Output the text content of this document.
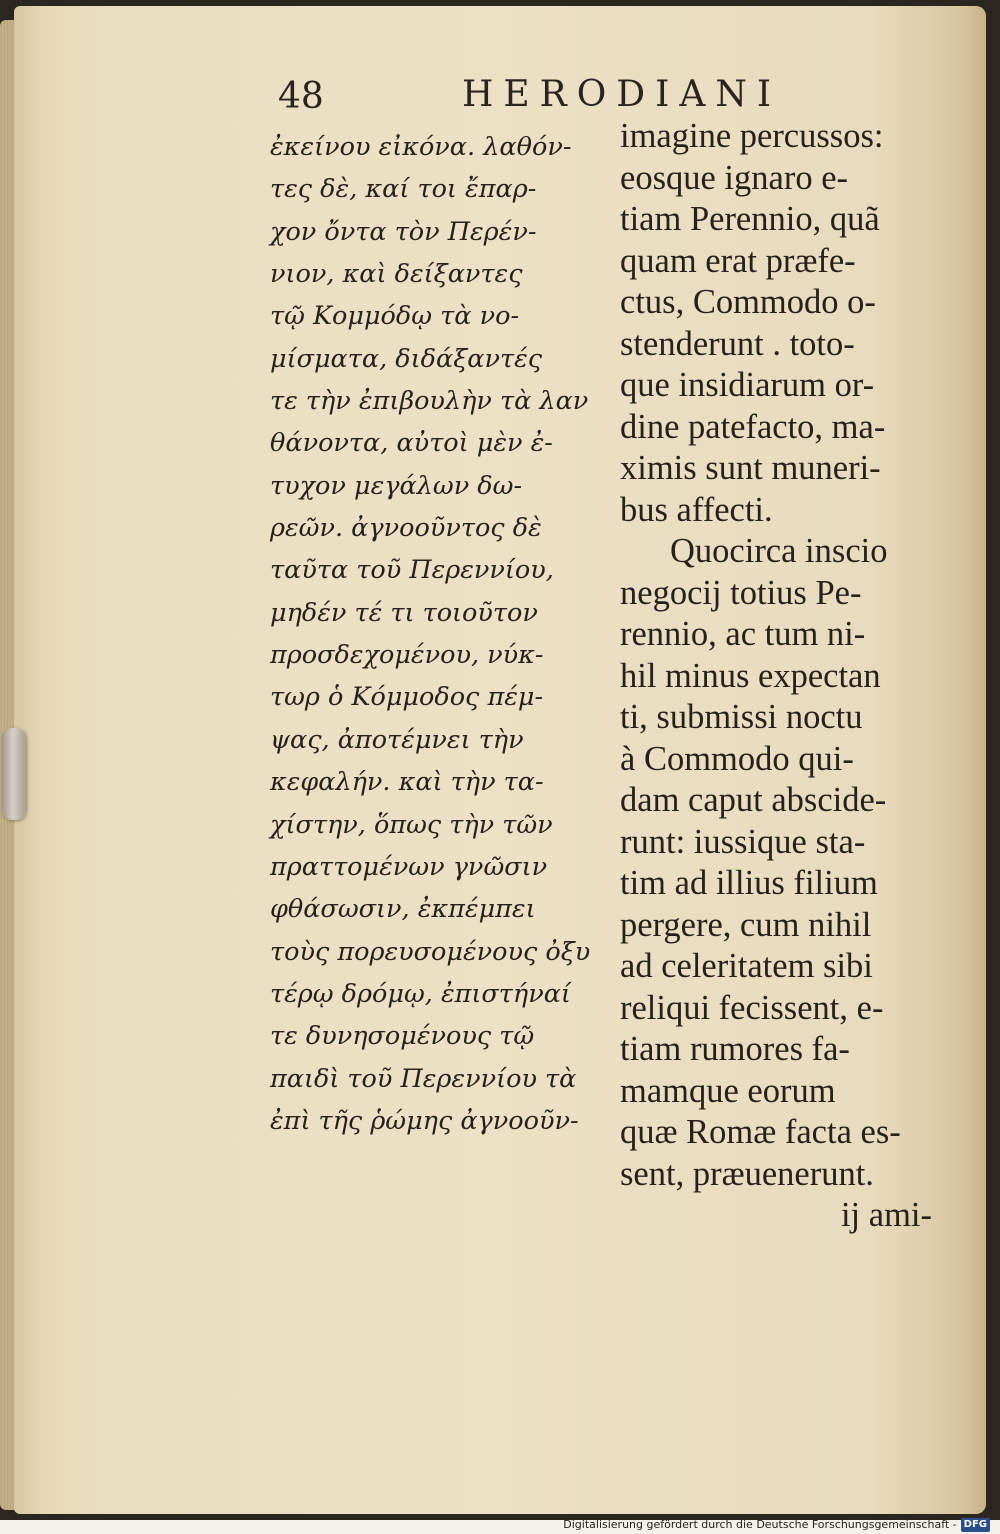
48	HERODIANI
ἐκείνου εἰκόνα. λαθόν-
τες δὲ, καί τοι ἔπαρ-
χον ὄντα τὸν Περέν-
νιον, καὶ δείξαντες
τῷ Κομμόδῳ τὰ νο-
μίσματα, διδάξαντές
τε τὴν ἐπιβουλὴν τὰ λαν
θάνοντα, αὐτοὶ μὲν ἐ-
τυχον μεγάλων δω-
ρεῶν. ἀγνοοῦντος δὲ
ταῦτα τοῦ Περεννίου,
μηδέν τέ τι τοιοῦτον
προσδεχομένου, νύκ-
τωρ ὁ Κόμμοδος πέμ-
ψας, ἀποτέμνει τὴν
κεφαλήν. καὶ τὴν τα-
χίστην, ὅπως τὴν τῶν
πραττομένων γνῶσιν
φθάσωσιν, ἐκπέμπει
τοὺς πορευσομένους ὀξυ
τέρῳ δρόμῳ, ἐπιστήναί
τε δυνησομένους τῷ
παιδὶ τοῦ Περεννίου τὰ
ἐπὶ τῆς ῥώμης ἀγνοοῦν-
imagine percussos:
eosque ignaro e-
tiam Perennio, quã
quam erat præfe-
ctus, Commodo o-
stenderunt . toto-
que insidiarum or-
dine patefacto, ma-
ximis sunt muneri-
bus affecti.
Quocirca inscio
negocij totius Pe-
rennio, ac tum ni-
hil minus expectan
ti, submissi noctu
à Commodo qui-
dam caput abscide-
runt: iussique sta-
tim ad illius filium
pergere, cum nihil
ad celeritatem sibi
reliqui fecissent, e-
tiam rumores fa-
mamque eorum
quæ Romæ facta es-
sent, præuenerunt.
ij ami-
Digitalisierung gefördert durch die Deutsche Forschungsgemeinschaft - DFG
